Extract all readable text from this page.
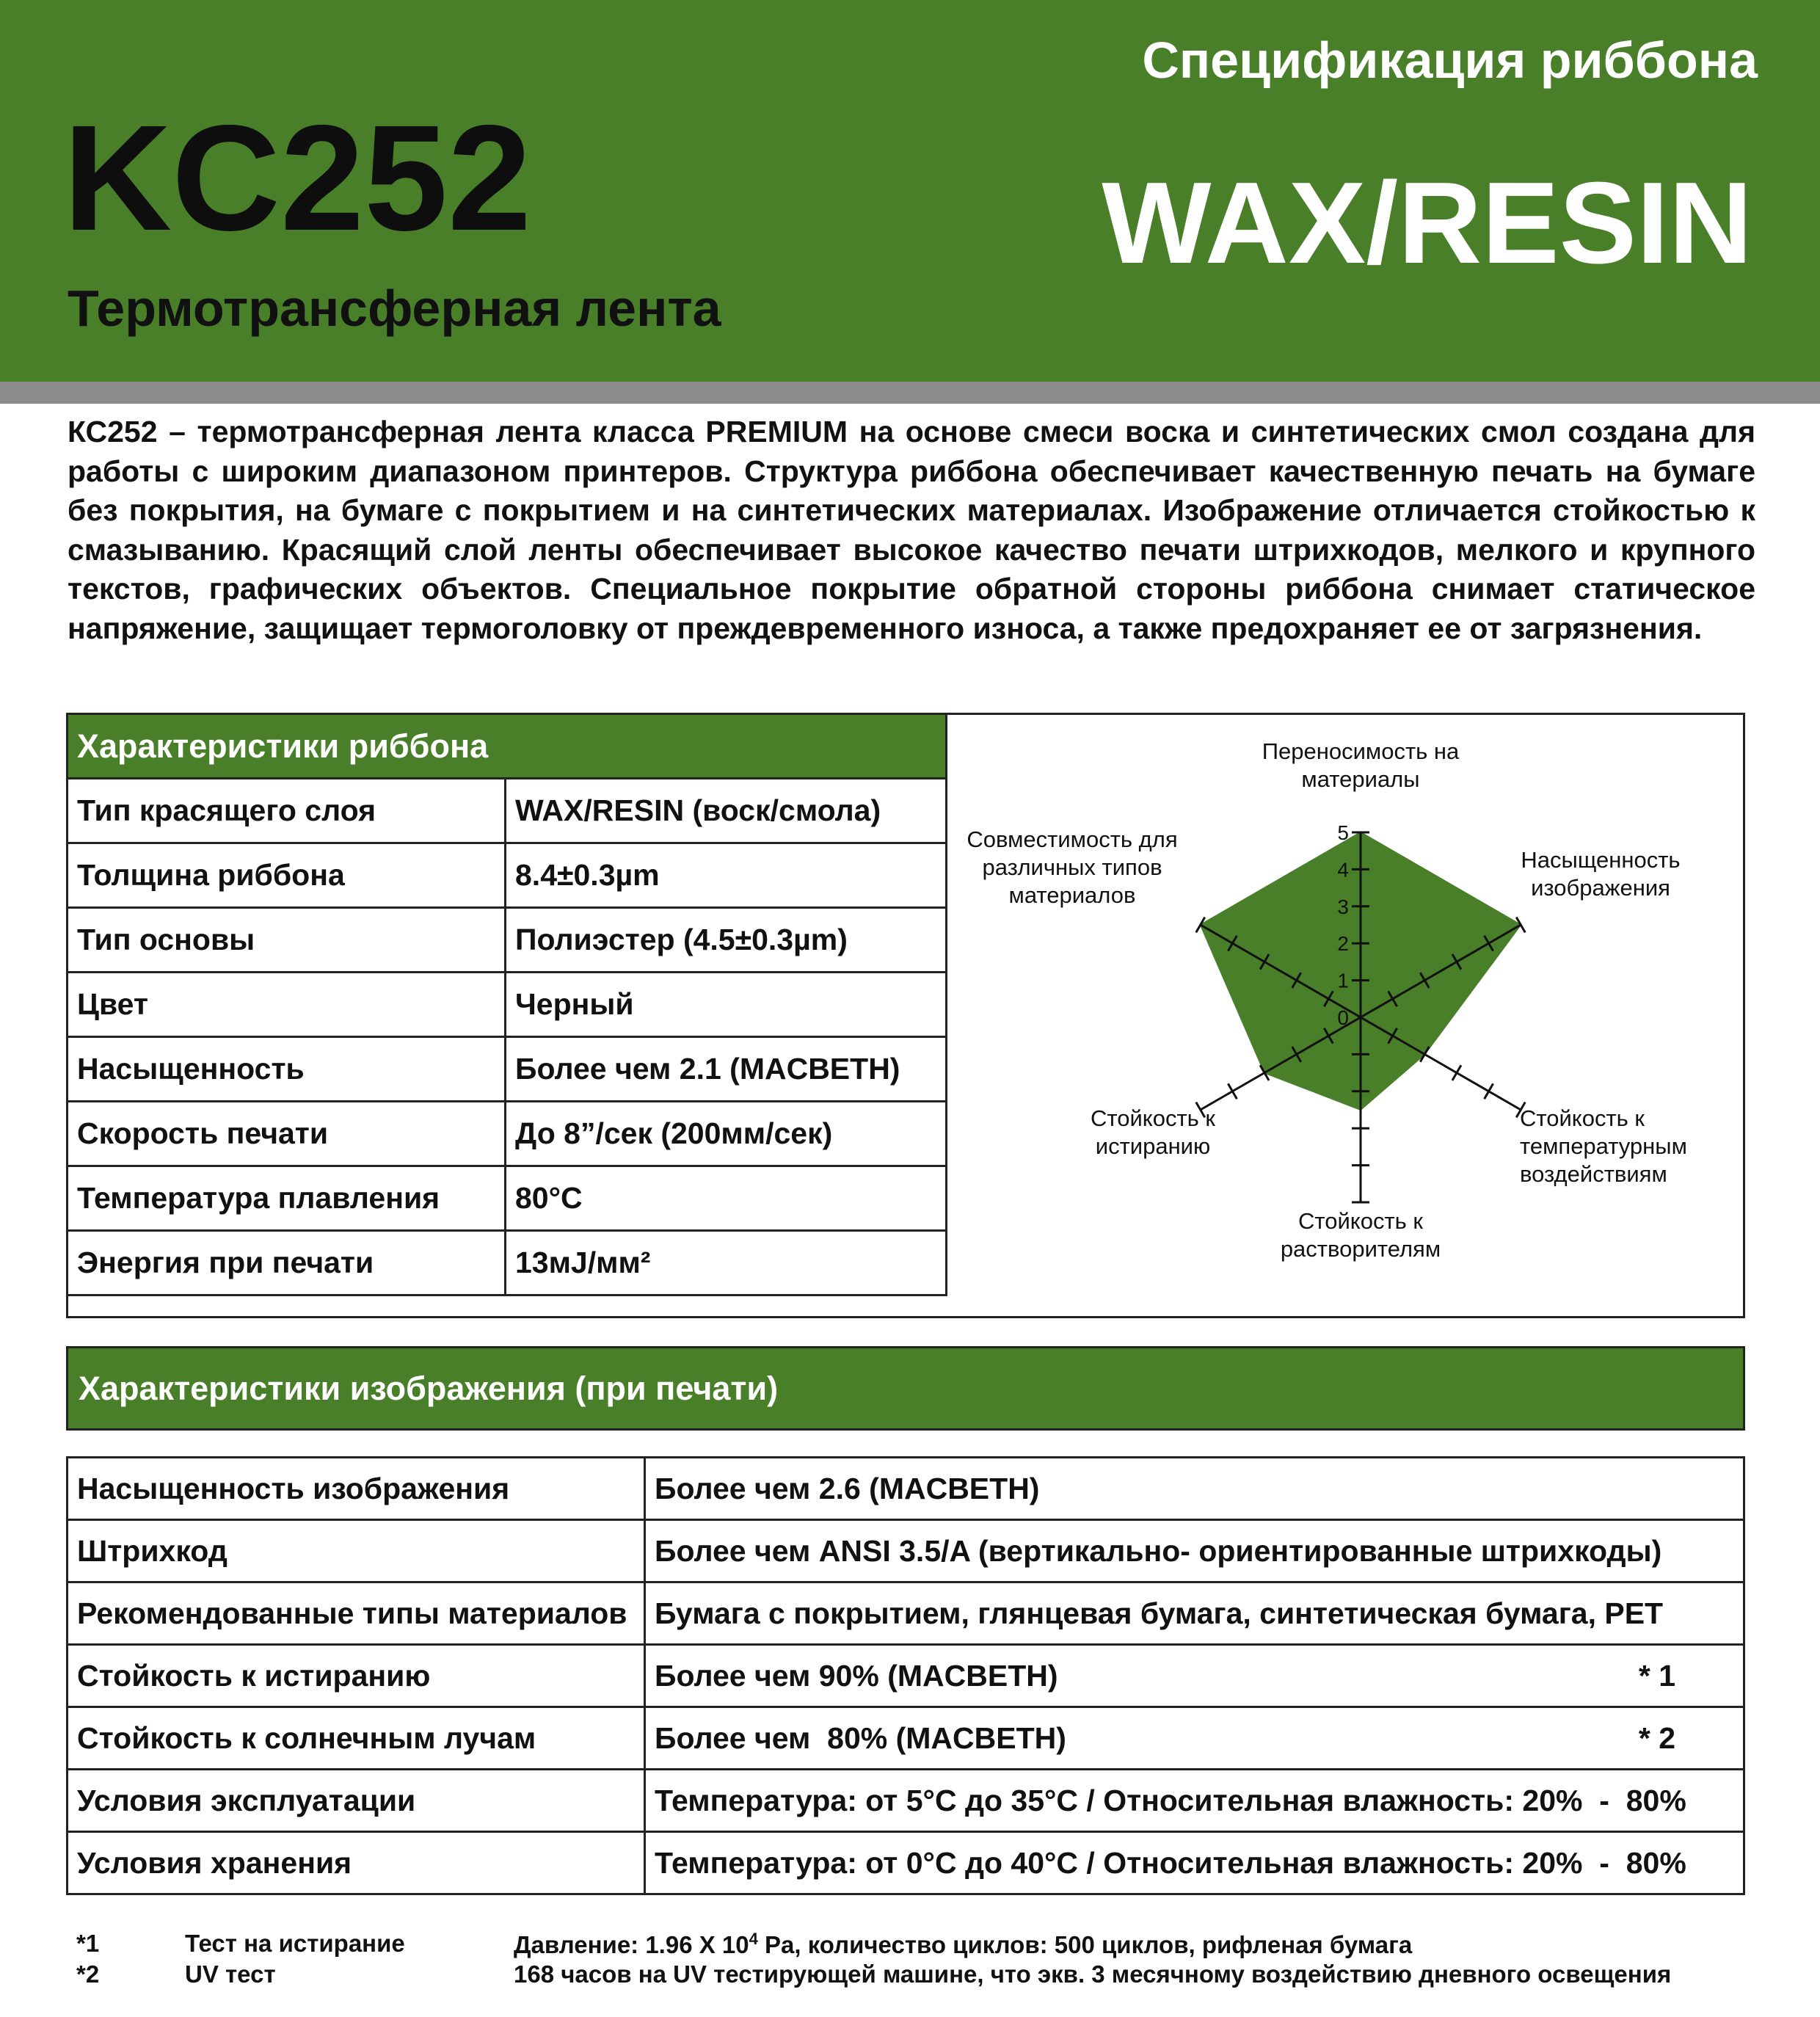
Спецификация риббона
KC252	WAX/RESIN
Термотрансферная лента
КС252 – термотрансферная лента класса PREMIUM на основе смеси воска и синтетических смол создана для работы с широким диапазоном принтеров. Структура риббона обеспечивает качественную печать на бумаге без покрытия, на бумаге с покрытием и на синтетических материалах. Изображение отличается стойкостью к смазыванию. Красящий слой ленты обеспечивает высокое качество печати штрихкодов, мелкого и крупного текстов, графических объектов. Специальное покрытие обратной стороны риббона снимает статическое напряжение, защищает термоголовку от преждевременного износа, а также предохраняет ее от загрязнения.
Характеристики риббона	
Тип красящего слоя	WAX/RESIN (воск/смола)
Толщина риббона	8.4±0.3µm
Тип основы	Полиэстер (4.5±0.3µm)
Цвет	Черный
Насыщенность	Более чем 2.1 (MACBETH)
Скорость печати	До 8”/сек (200мм/сек)
Температура плавления	80°С
Энергия при печати	13мJ/мм²
0
1
2
3
4
5
Переносимость на
материалы
Насыщенность
изображения
Стойкость к
температурным
воздействиям
Стойкость к
растворителям
Стойкость к
истиранию
Совместимость для
различных типов
материалов
Характеристики изображения (при печати)
Насыщенность изображения	Более чем 2.6 (MACBETH)
Штрихкод	Более чем ANSI 3.5/A (вертикально- ориентированные штрихкоды)
Рекомендованные типы материалов	Бумага с покрытием, глянцевая бумага, синтетическая бумага, PET
Стойкость к истиранию	Более чем 90% (MACBETH) * 1

Стойкость к солнечным лучам	Более чем  80% (MACBETH) * 2

Условия эксплуатации	Температура: от 5°С до 35°С / Относительная влажность: 20%  -  80%
Условия хранения	Температура: от 0°С до 40°С / Относительная влажность: 20%  -  80%
*1	Тест на истирание	Давление: 1.96 X $10^4$ Pa, количество циклов: 500 циклов, рифленая бумага
*2	UV тест	168 часов на UV тестирующей машине, что экв. 3 месячному воздействию дневного освещения
